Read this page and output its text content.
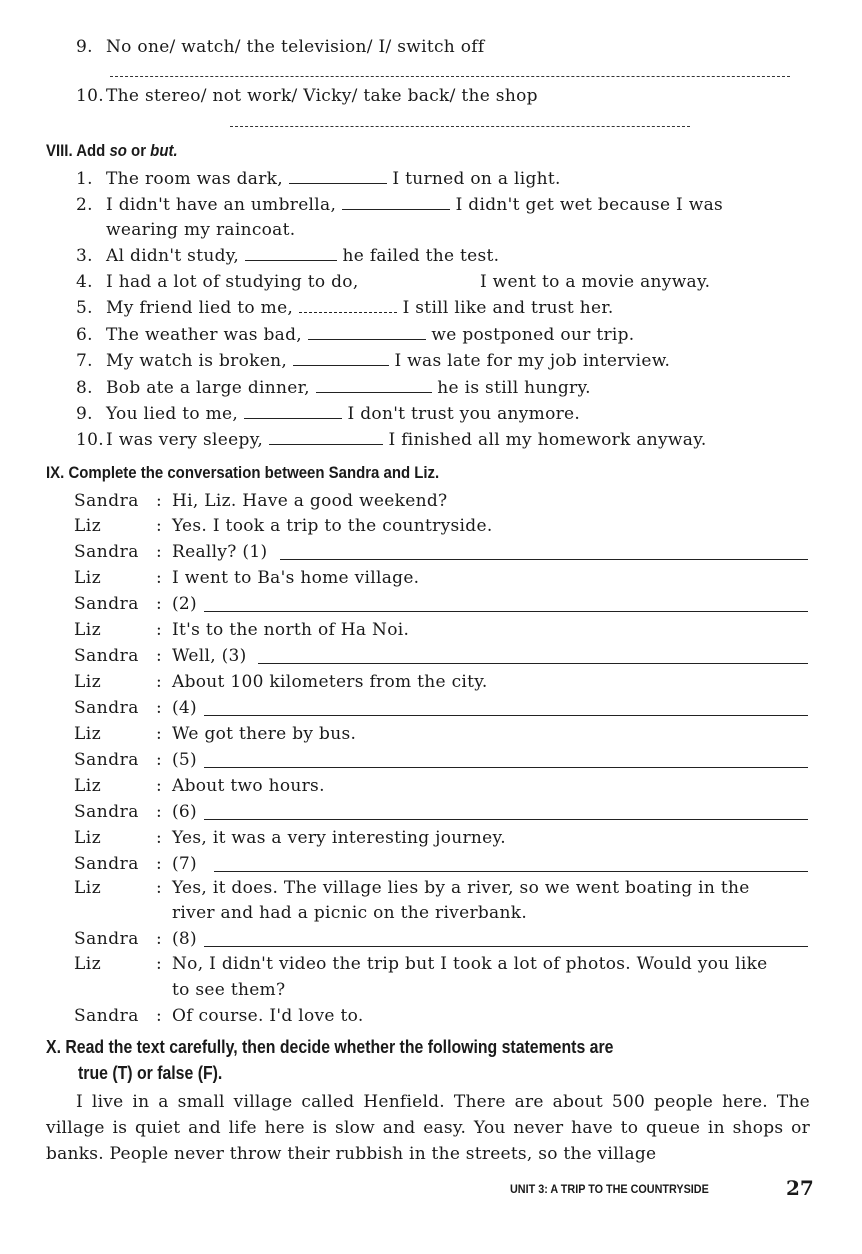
9. No one/ watch/ the television/ I/ switch off
10. The stereo/ not work/ Vicky/ take back/ the shop
VIII. Add so or but.
1. The room was dark,	I turned on a light.
2. I didn't have an umbrella,	I didn't get wet because I was
wearing my raincoat.
3. Al didn't study,	he failed the test.
4. I had a lot of studying to do,	I went to a movie anyway.
5. My friend lied to me,	I still like and trust her.
6. The weather was bad,	we postponed our trip.
7. My watch is broken,	I was late for my job interview.
8. Bob ate a large dinner,	he is still hungry.
9. You lied to me,	I don't trust you anymore.
10. I was very sleepy,	I finished all my homework anyway.
IX. Complete the conversation between Sandra and Liz.
Sandra : Hi, Liz. Have a good weekend?
Liz	: Yes. I took a trip to the countryside.
Sandra : Really? (1)
Liz	: I went to Ba's home village.
Sandra : (2)
Liz	: It's to the north of Ha Noi.
Sandra : Well, (3)
Liz	: About 100 kilometers from the city.
Sandra : (4)
Liz	: We got there by bus.
Sandra : (5)
Liz	: About two hours.
Sandra : (6)
Liz	: Yes, it was a very interesting journey.
Sandra : (7)
Liz	: Yes, it does. The village lies by a river, so we went boating in the
river and had a picnic on the riverbank.
Sandra : (8)
Liz	: No, I didn't video the trip but I took a lot of photos. Would you like
to see them?
Sandra : Of course. I'd love to.
X. Read the text carefully, then decide whether the following statements are
true (T) or false (F).
I live in a small village called Henfield. There are about 500 people here. The village is quiet and life here is slow and easy. You never have to queue in shops or banks. People never throw their rubbish in the streets, so the village
UNIT 3: A TRIP TO THE COUNTRYSIDE	27
